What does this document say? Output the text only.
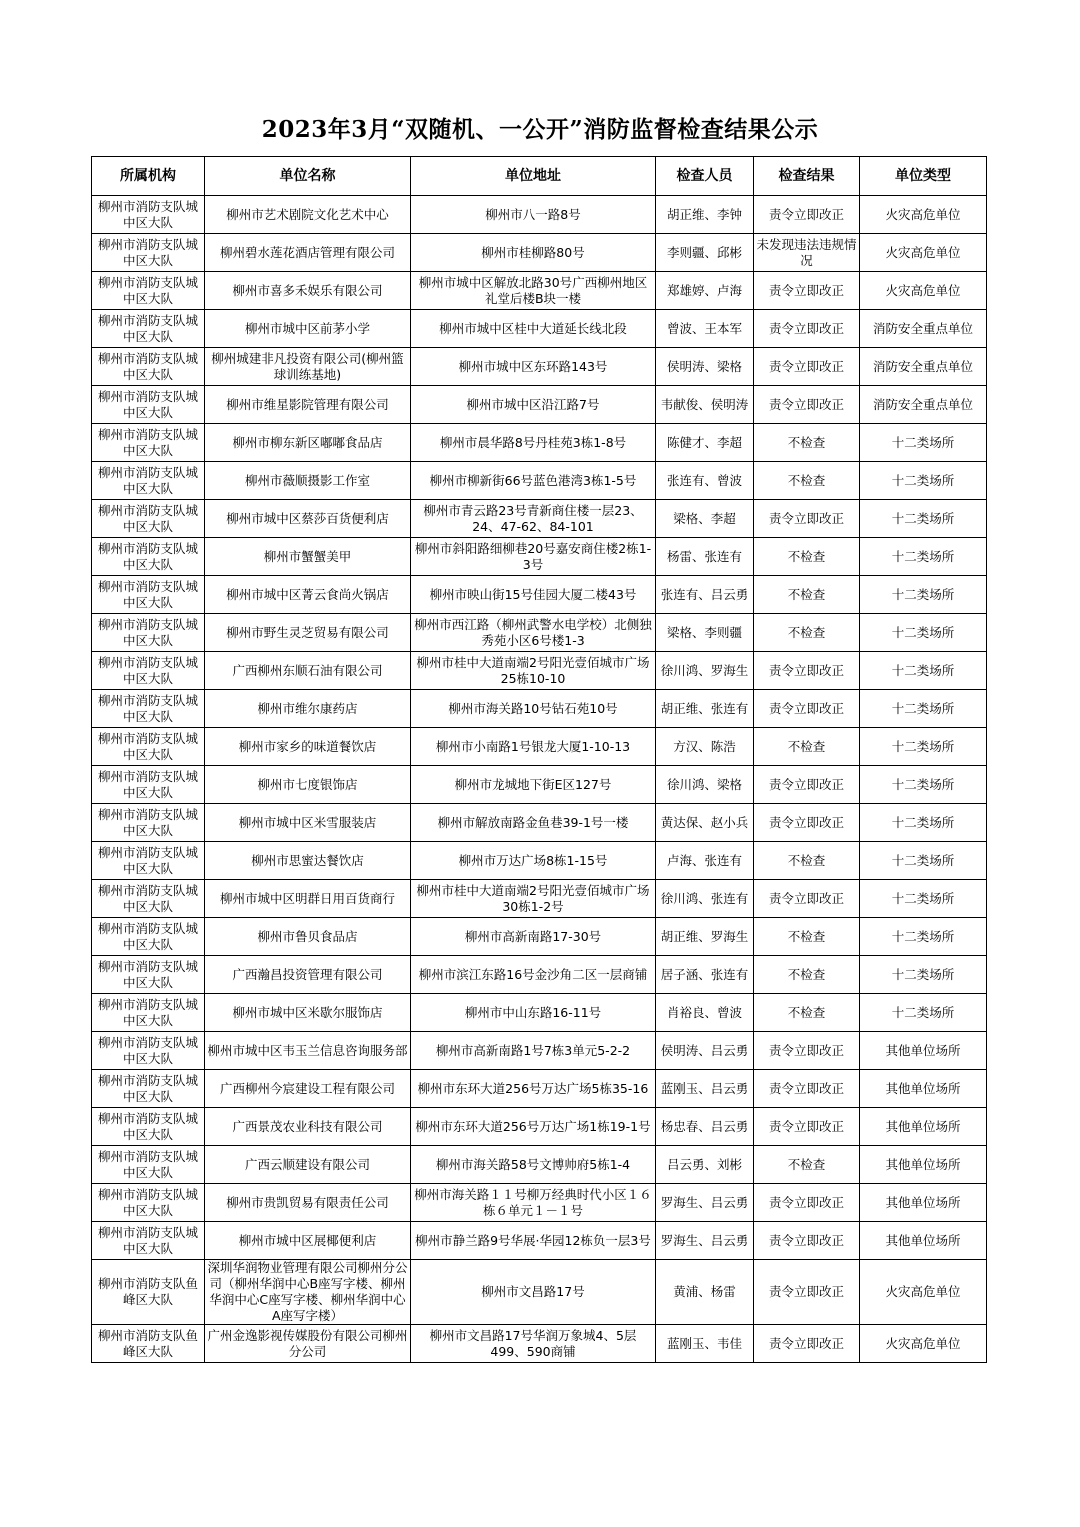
2023年3月“双随机、一公开”消防监督检查结果公示
所属机构	单位名称	单位地址	检查人员	检查结果	单位类型
柳州市消防支队城中区大队	柳州市艺术剧院文化艺术中心	柳州市八一路8号	胡正维、李钟	责令立即改正	火灾高危单位
柳州市消防支队城中区大队	柳州碧水莲花酒店管理有限公司	柳州市桂柳路80号	李则疆、邱彬	未发现违法违规情况	火灾高危单位
柳州市消防支队城中区大队	柳州市喜多禾娱乐有限公司	柳州市城中区解放北路30号广西柳州地区礼堂后楼B块一楼	郑雄婷、卢海	责令立即改正	火灾高危单位
柳州市消防支队城中区大队	柳州市城中区前茅小学	柳州市城中区桂中大道延长线北段	曾波、王本军	责令立即改正	消防安全重点单位
柳州市消防支队城中区大队	柳州城建非凡投资有限公司(柳州篮球训练基地)	柳州市城中区东环路143号	侯明涛、梁格	责令立即改正	消防安全重点单位
柳州市消防支队城中区大队	柳州市维星影院管理有限公司	柳州市城中区沿江路7号	韦献俊、侯明涛	责令立即改正	消防安全重点单位
柳州市消防支队城中区大队	柳州市柳东新区嘟嘟食品店	柳州市晨华路8号丹桂苑3栋1-8号	陈健才、李超	不检查	十二类场所
柳州市消防支队城中区大队	柳州市薇顺摄影工作室	柳州市柳新街66号蓝色港湾3栋1-5号	张连有、曾波	不检查	十二类场所
柳州市消防支队城中区大队	柳州市城中区蔡莎百货便利店	柳州市青云路23号青新商住楼一层23、24、47-62、84-101	梁格、李超	责令立即改正	十二类场所
柳州市消防支队城中区大队	柳州市蟹蟹美甲	柳州市斜阳路细柳巷20号嘉安商住楼2栋1-3号	杨雷、张连有	不检查	十二类场所
柳州市消防支队城中区大队	柳州市城中区菁云食尚火锅店	柳州市映山街15号佳园大厦二楼43号	张连有、吕云勇	不检查	十二类场所
柳州市消防支队城中区大队	柳州市野生灵芝贸易有限公司	柳州市西江路（柳州武警水电学校）北侧独秀苑小区6号楼1-3	梁格、李则疆	不检查	十二类场所
柳州市消防支队城中区大队	广西柳州东顺石油有限公司	柳州市桂中大道南端2号阳光壹佰城市广场25栋10-10	徐川鸿、罗海生	责令立即改正	十二类场所
柳州市消防支队城中区大队	柳州市维尔康药店	柳州市海关路10号钻石苑10号	胡正维、张连有	责令立即改正	十二类场所
柳州市消防支队城中区大队	柳州市家乡的味道餐饮店	柳州市小南路1号银龙大厦1-10-13	方汉、陈浩	不检查	十二类场所
柳州市消防支队城中区大队	柳州市七度银饰店	柳州市龙城地下街E区127号	徐川鸿、梁格	责令立即改正	十二类场所
柳州市消防支队城中区大队	柳州市城中区米雪服装店	柳州市解放南路金鱼巷39-1号一楼	黄达保、赵小兵	责令立即改正	十二类场所
柳州市消防支队城中区大队	柳州市思蜜达餐饮店	柳州市万达广场8栋1-15号	卢海、张连有	不检查	十二类场所
柳州市消防支队城中区大队	柳州市城中区明群日用百货商行	柳州市桂中大道南端2号阳光壹佰城市广场30栋1-2号	徐川鸿、张连有	责令立即改正	十二类场所
柳州市消防支队城中区大队	柳州市鲁贝食品店	柳州市高新南路17-30号	胡正维、罗海生	不检查	十二类场所
柳州市消防支队城中区大队	广西瀚昌投资管理有限公司	柳州市滨江东路16号金沙角二区一层商铺	居子涵、张连有	不检查	十二类场所
柳州市消防支队城中区大队	柳州市城中区米歇尔服饰店	柳州市中山东路16-11号	肖裕良、曾波	不检查	十二类场所
柳州市消防支队城中区大队	柳州市城中区韦玉兰信息咨询服务部	柳州市高新南路1号7栋3单元5-2-2	侯明涛、吕云勇	责令立即改正	其他单位场所
柳州市消防支队城中区大队	广西柳州今宸建设工程有限公司	柳州市东环大道256号万达广场5栋35-16	蓝刚玉、吕云勇	责令立即改正	其他单位场所
柳州市消防支队城中区大队	广西景茂农业科技有限公司	柳州市东环大道256号万达广场1栋19-1号	杨忠春、吕云勇	责令立即改正	其他单位场所
柳州市消防支队城中区大队	广西云顺建设有限公司	柳州市海关路58号文博帅府5栋1-4	吕云勇、刘彬	不检查	其他单位场所
柳州市消防支队城中区大队	柳州市贵凯贸易有限责任公司	柳州市海关路１１号柳万经典时代小区１６栋６单元１－１号	罗海生、吕云勇	责令立即改正	其他单位场所
柳州市消防支队城中区大队	柳州市城中区展椰便利店	柳州市静兰路9号华展·华园12栋负一层3号	罗海生、吕云勇	责令立即改正	其他单位场所
柳州市消防支队鱼峰区大队	深圳华润物业管理有限公司柳州分公司（柳州华润中心B座写字楼、柳州华润中心C座写字楼、柳州华润中心A座写字楼）	柳州市文昌路17号	黄浦、杨雷	责令立即改正	火灾高危单位
柳州市消防支队鱼峰区大队	广州金逸影视传媒股份有限公司柳州分公司	柳州市文昌路17号华润万象城4、5层499、590商铺	蓝刚玉、韦佳	责令立即改正	火灾高危单位
